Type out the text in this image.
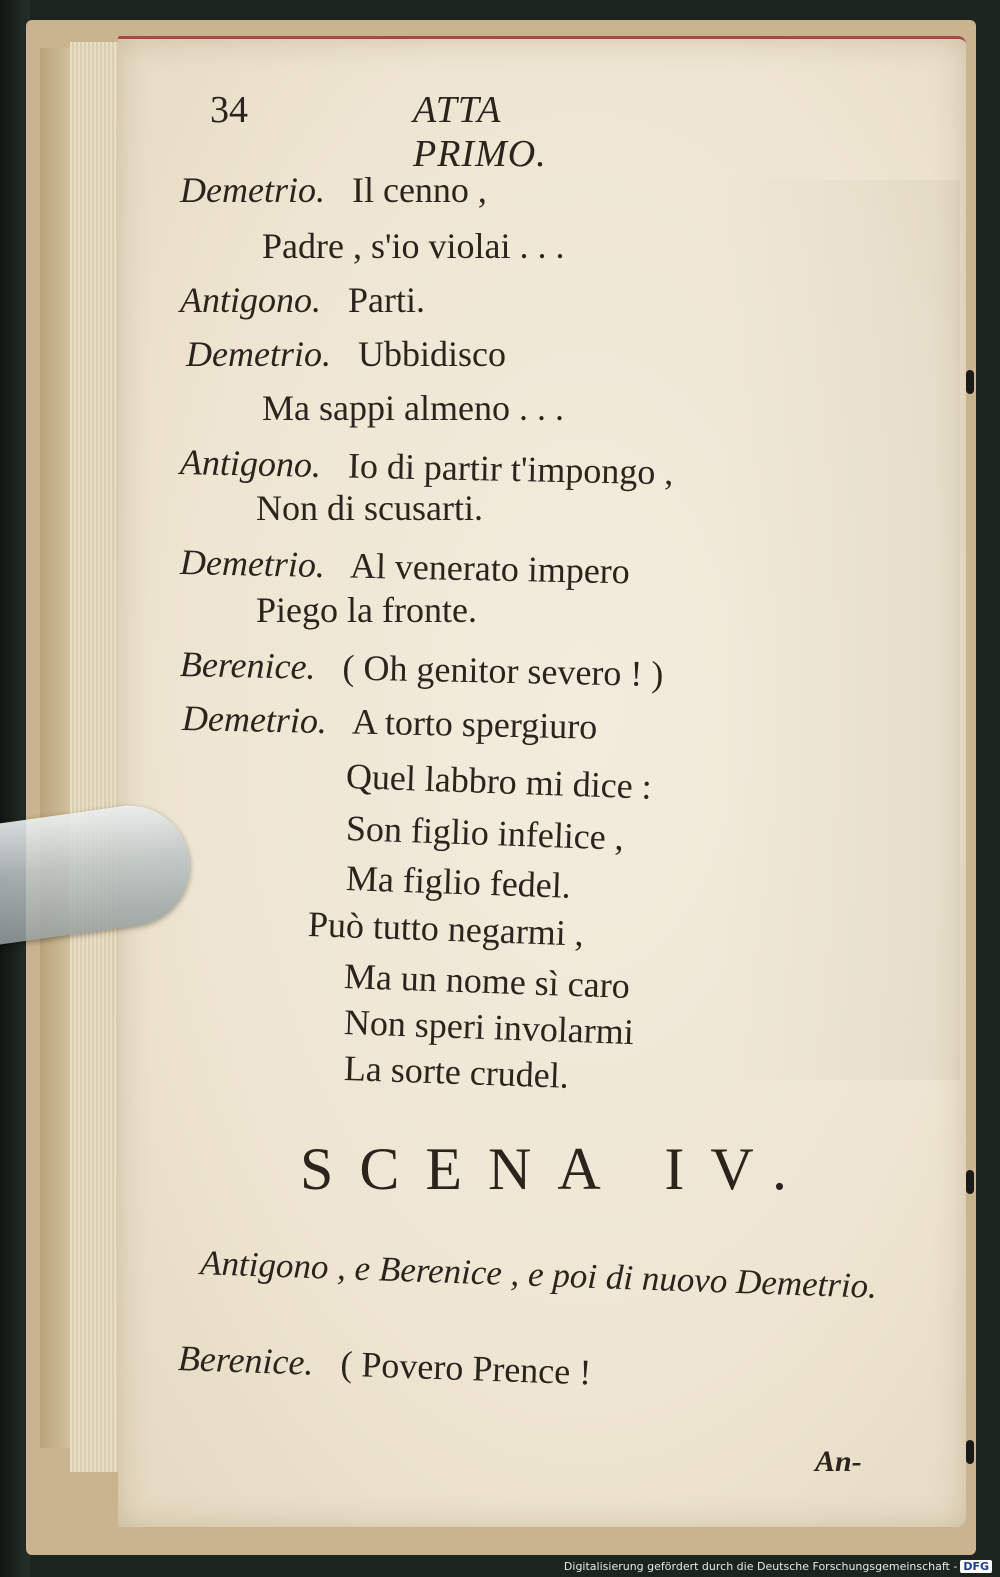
34	ATTA PRIMO.
Demetrio. Il cenno ,
Padre , s'io violai . . .
Antigono. Parti.
Demetrio. Ubbidisco
Ma sappi almeno . . .
Antigono. Io di partir t'impongo ,
Non di scusarti.
Demetrio. Al venerato impero
Piego la fronte.
Berenice. ( Oh genitor severo ! )
Demetrio. A torto spergiuro
Quel labbro mi dice :
Son figlio infelice ,
Ma figlio fedel.
Può tutto negarmi ,
Ma un nome sì caro
Non speri involarmi
La sorte crudel.
SCENA IV.
Antigono , e Berenice , e poi di nuovo Demetrio.
Berenice. ( Povero Prence !
An-
Digitalisierung gefördert durch die Deutsche Forschungsgemeinschaft - DFG
